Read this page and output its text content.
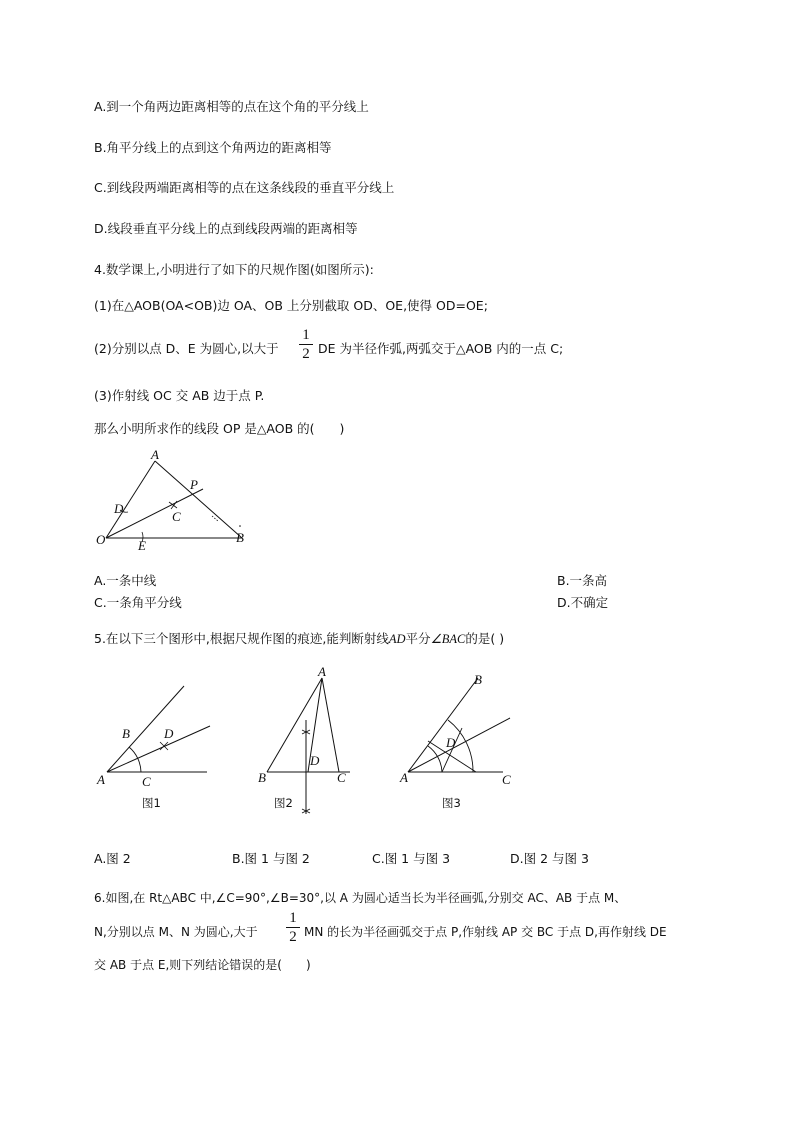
A.到一个角两边距离相等的点在这个角的平分线上
B.角平分线上的点到这个角两边的距离相等
C.到线段两端距离相等的点在这条线段的垂直平分线上
D.线段垂直平分线上的点到线段两端的距离相等
4.数学课上,小明进行了如下的尺规作图(如图所示):
(1)在△AOB(OA<OB)边 OA、OB 上分别截取 OD、OE,使得 OD=OE;
(2)分别以点 D、E 为圆心,以大于
1
2 DE 为半径作弧,两弧交于△AOB 内的一点 C;
(3)作射线 OC 交 AB 边于点 P.
那么小明所求作的线段 OP 是△AOB 的(　　)
A
O	B
D
E
C
P
A.一条中线	B.一条高
C.一条角平分线	D.不确定
5.在以下三个图形中,根据尺规作图的痕迹,能判断射线AD平分∠BAC的是( )
A
B
C
D
图1
A
B	C
D
图2
A
B
C
D
图3
A.图 2	B.图 1 与图 2	C.图 1 与图 3	D.图 2 与图 3
6.如图,在 Rt△ABC 中,∠C=90°,∠B=30°,以 A 为圆心适当长为半径画弧,分别交 AC、AB 于点 M、
N,分别以点 M、N 为圆心,大于
1
2 MN 的长为半径画弧交于点 P,作射线 AP 交 BC 于点 D,再作射线 DE
交 AB 于点 E,则下列结论错误的是(　　)
